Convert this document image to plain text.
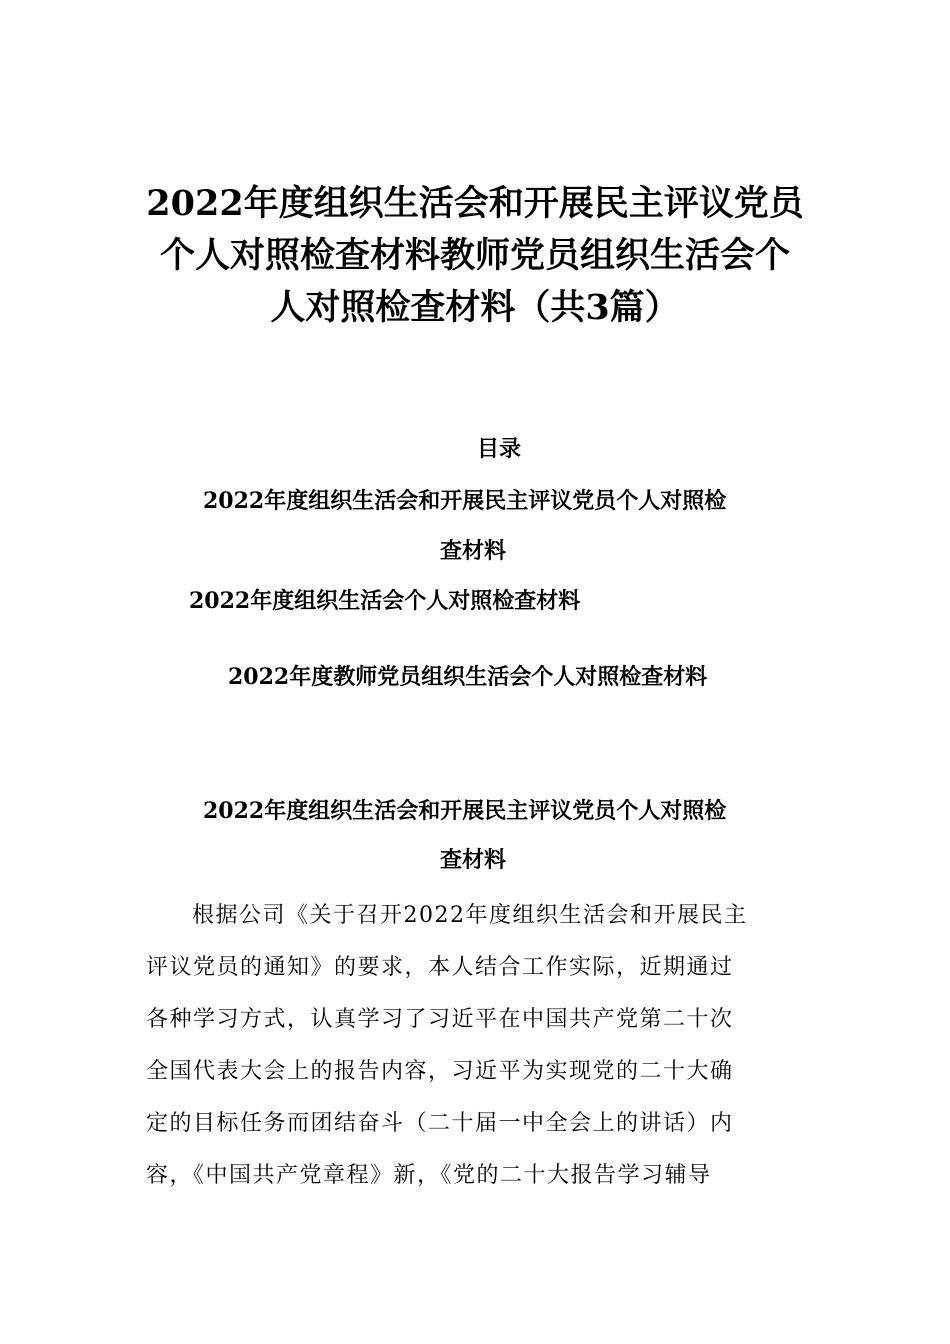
2022年度组织生活会和开展民主评议党员
个人对照检查材料教师党员组织生活会个
人对照检查材料（共3篇）
目录
2022年度组织生活会和开展民主评议党员个人对照检
查材料
2022年度组织生活会个人对照检查材料
2022年度教师党员组织生活会个人对照检查材料
2022年度组织生活会和开展民主评议党员个人对照检
查材料
根据公司《关于召开2022年度组织生活会和开展民主
评议党员的通知》的要求，本人结合工作实际，近期通过
各种学习方式，认真学习了习近平在中国共产党第二十次
全国代表大会上的报告内容，习近平为实现党的二十大确
定的目标任务而团结奋斗（二十届一中全会上的讲话）内
容，《中国共产党章程》新，《党的二十大报告学习辅导
